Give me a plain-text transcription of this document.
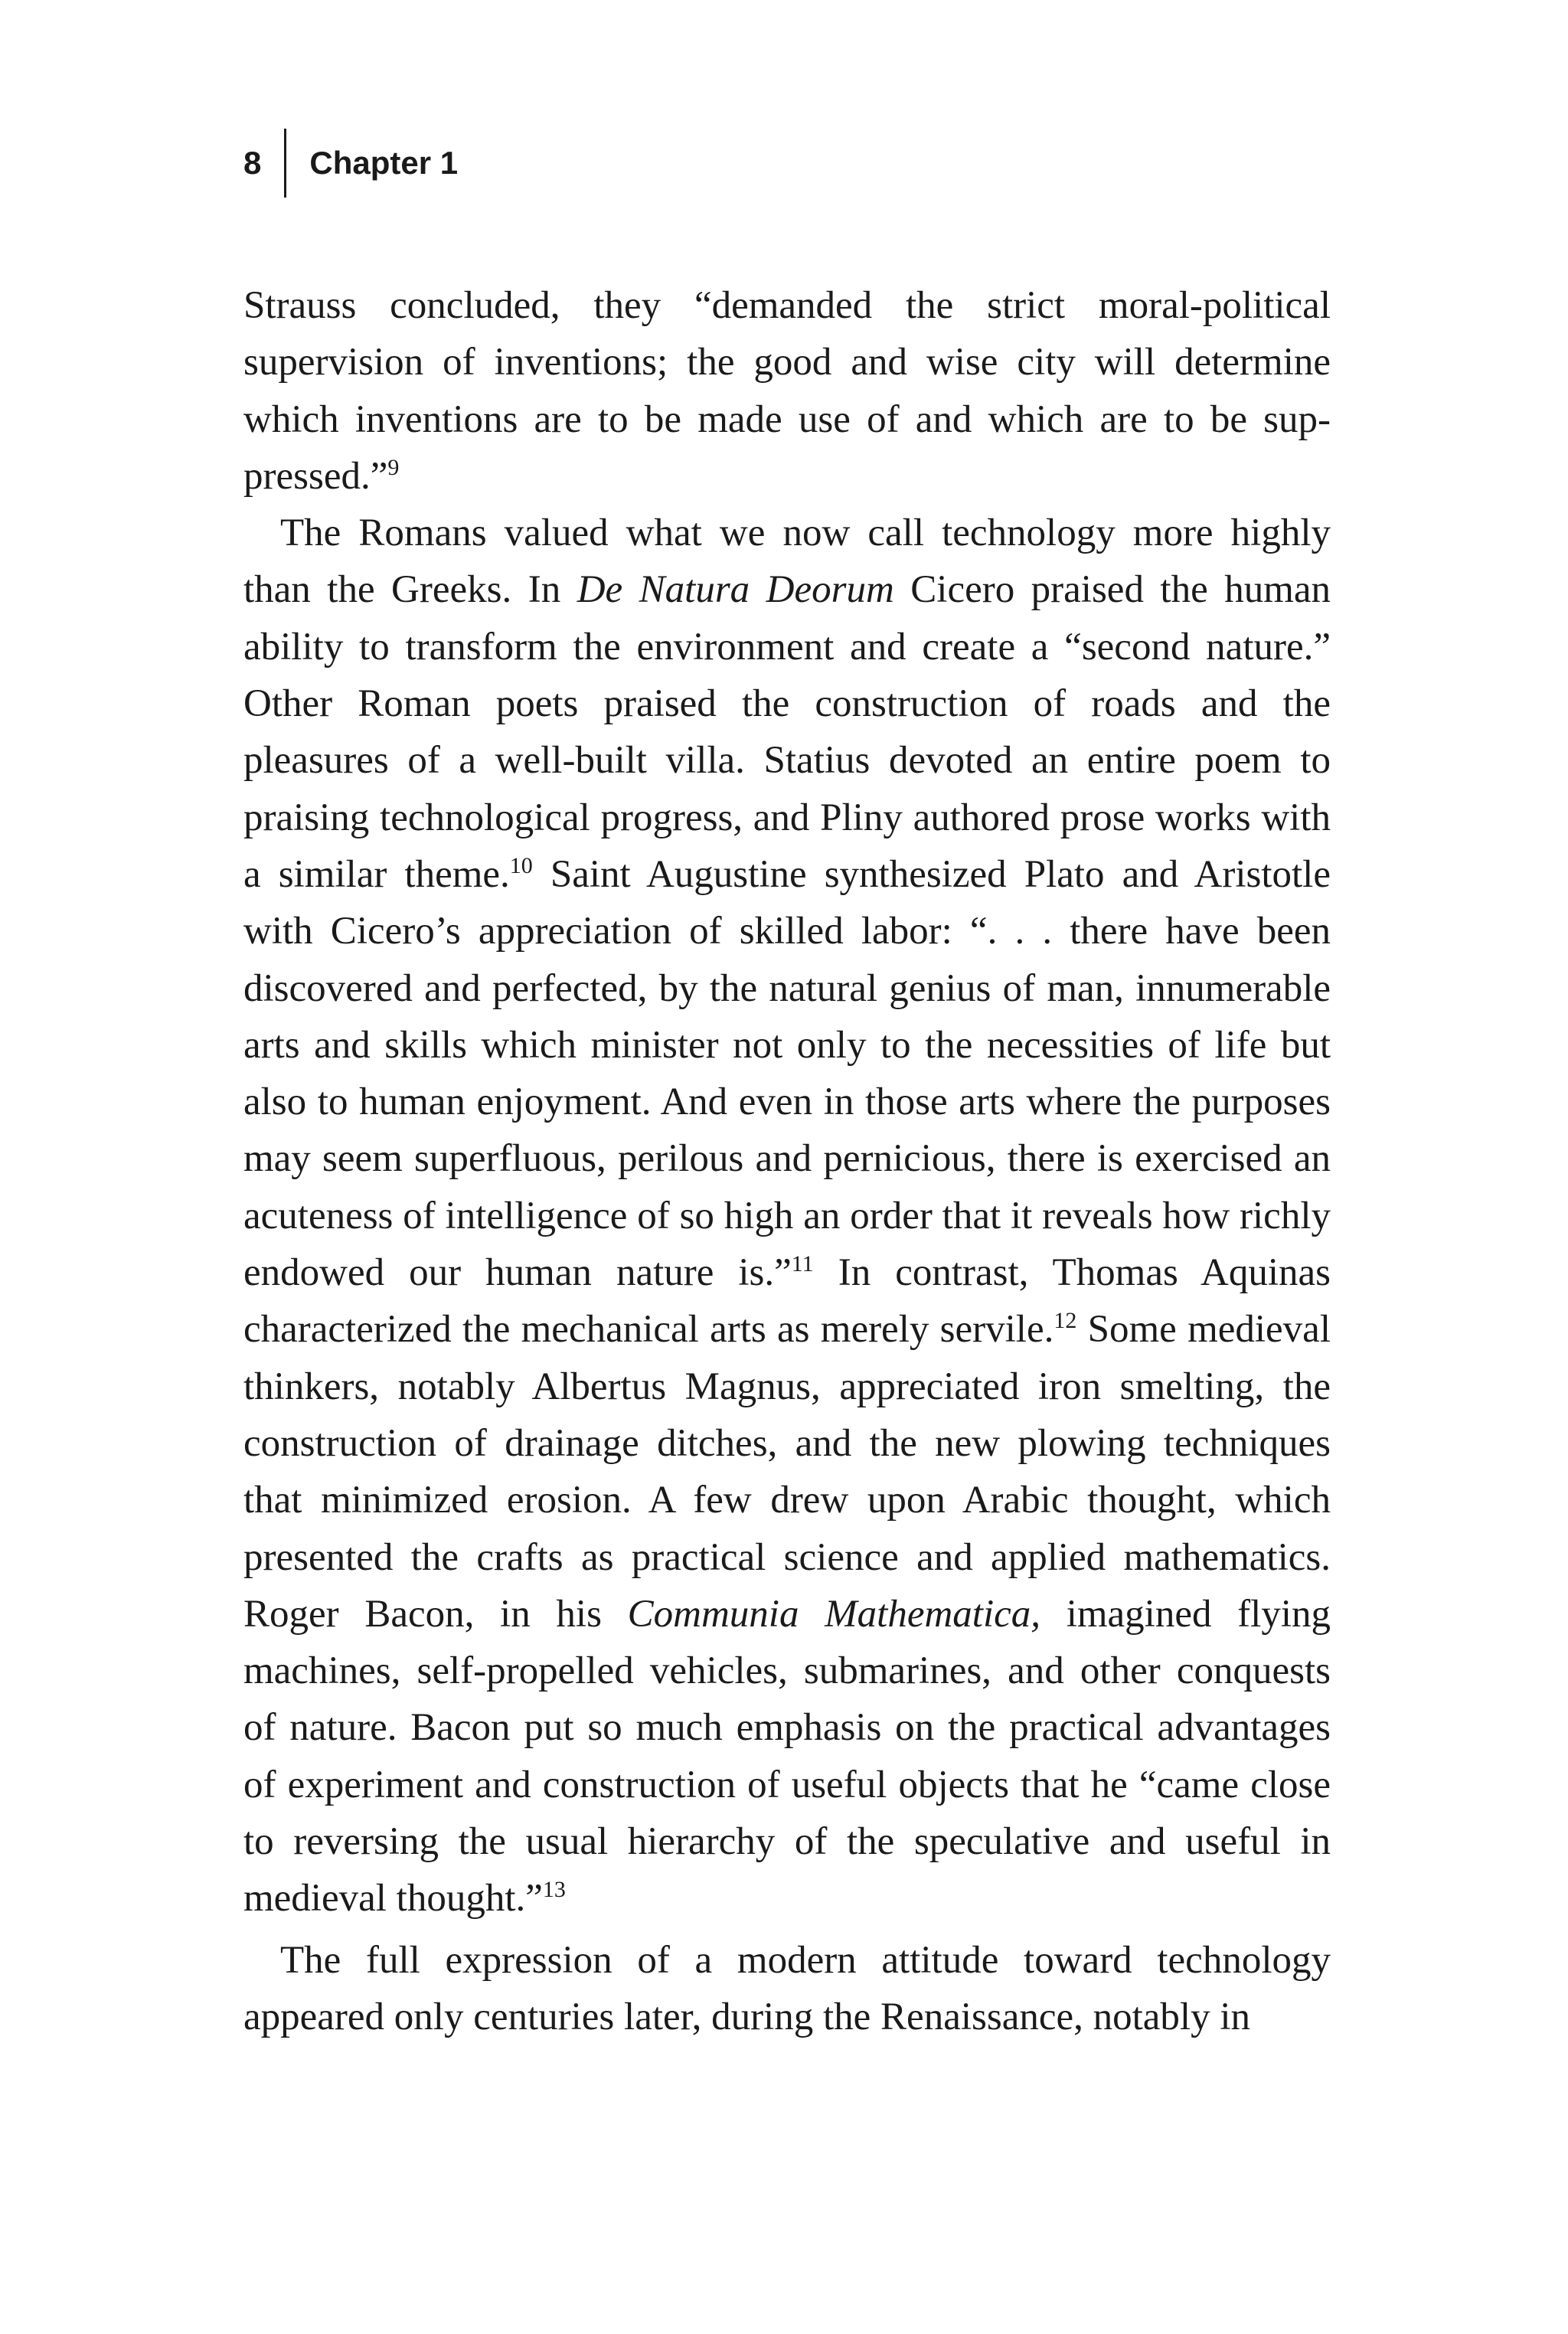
8	Chapter 1

Strauss concluded, they “demanded the strict moral-political supervision of inventions; the good and wise city will determine which inventions are to be made use of and which are to be suppressed.”$^9$

The Romans valued what we now call technology more highly than the Greeks. In De Natura Deorum Cicero praised the human ability to transform the environment and create a “second nature.” Other Roman poets praised the construction of roads and the pleasures of a well-built villa. Statius devoted an entire poem to praising technological progress, and Pliny authored prose works with a similar theme.$^{10}$ Saint Augustine synthesized Plato and Aristotle with Cicero’s appreciation of skilled labor: “. . . there have been discovered and perfected, by the natural genius of man, innumerable arts and skills which minister not only to the necessities of life but also to human enjoyment. And even in those arts where the purposes may seem superfluous, perilous and pernicious, there is exercised an acuteness of intelligence of so high an order that it reveals how richly endowed our human nature is.”$^{11}$ In contrast, Thomas Aquinas characterized the mechanical arts as merely servile.$^{12}$ Some medieval thinkers, notably Albertus Magnus, appreciated iron smelting, the construction of drainage ditches, and the new plowing techniques that minimized erosion. A few drew upon Arabic thought, which presented the crafts as practical science and applied mathematics. Roger Bacon, in his Communia Mathematica, imagined flying machines, self-propelled vehicles, submarines, and other conquests of nature. Bacon put so much emphasis on the practical advantages of experiment and construction of useful objects that he “came close to reversing the usual hierarchy of the speculative and useful in medieval thought.”$^{13}$

The full expression of a modern attitude toward technology appeared only centuries later, during the Renaissance, notably in
